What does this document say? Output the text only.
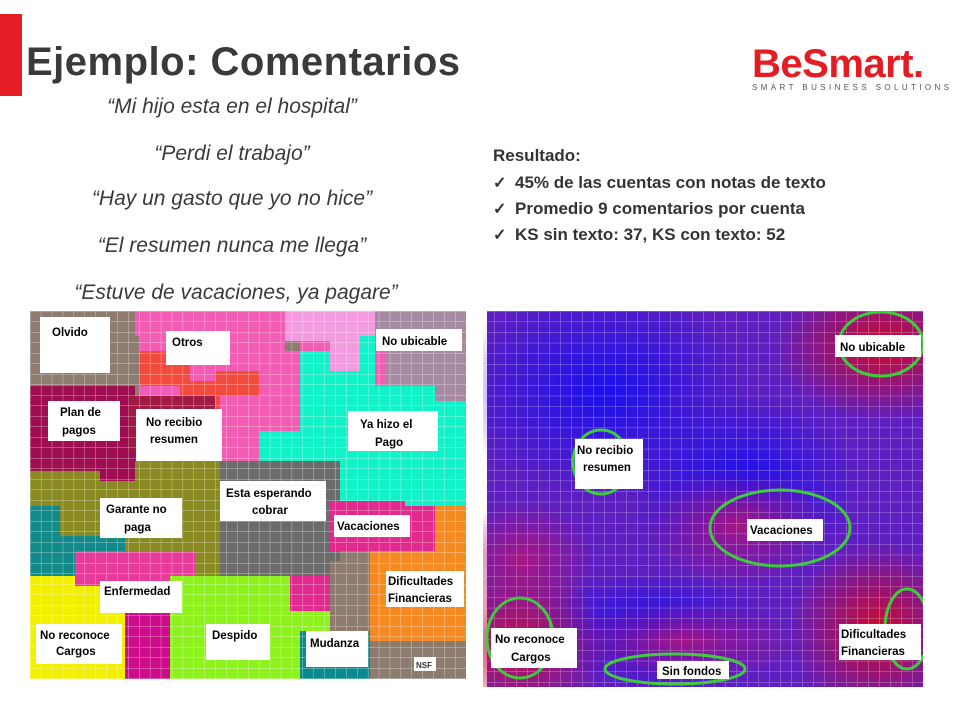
Ejemplo: Comentarios	BeSmart.
SMART BUSINESS SOLUTIONS
“Mi hijo esta en el hospital”
“Perdi el trabajo”
“Hay un gasto que yo no hice”
“El resumen nunca me llega”
“Estuve de vacaciones, ya pagare”
Resultado:
✓ 45% de las cuentas con notas de texto
✓ Promedio 9 comentarios por cuenta
✓ KS sin texto: 37, KS con texto: 52
Olvido
Otros	No ubicable
Plan de
pagos
No recibio
resumen
Ya hizo el
Pago
Esta esperando
cobrar
Garante no
paga	Vacaciones
Enfermedad
Dificultades
Financieras
No reconoce
Cargos
Despido
Mudanza
NSF
No ubicable
No recibio
resumen
Vacaciones
No reconoce
Cargos
Sin fondos
Dificultades
Financieras
